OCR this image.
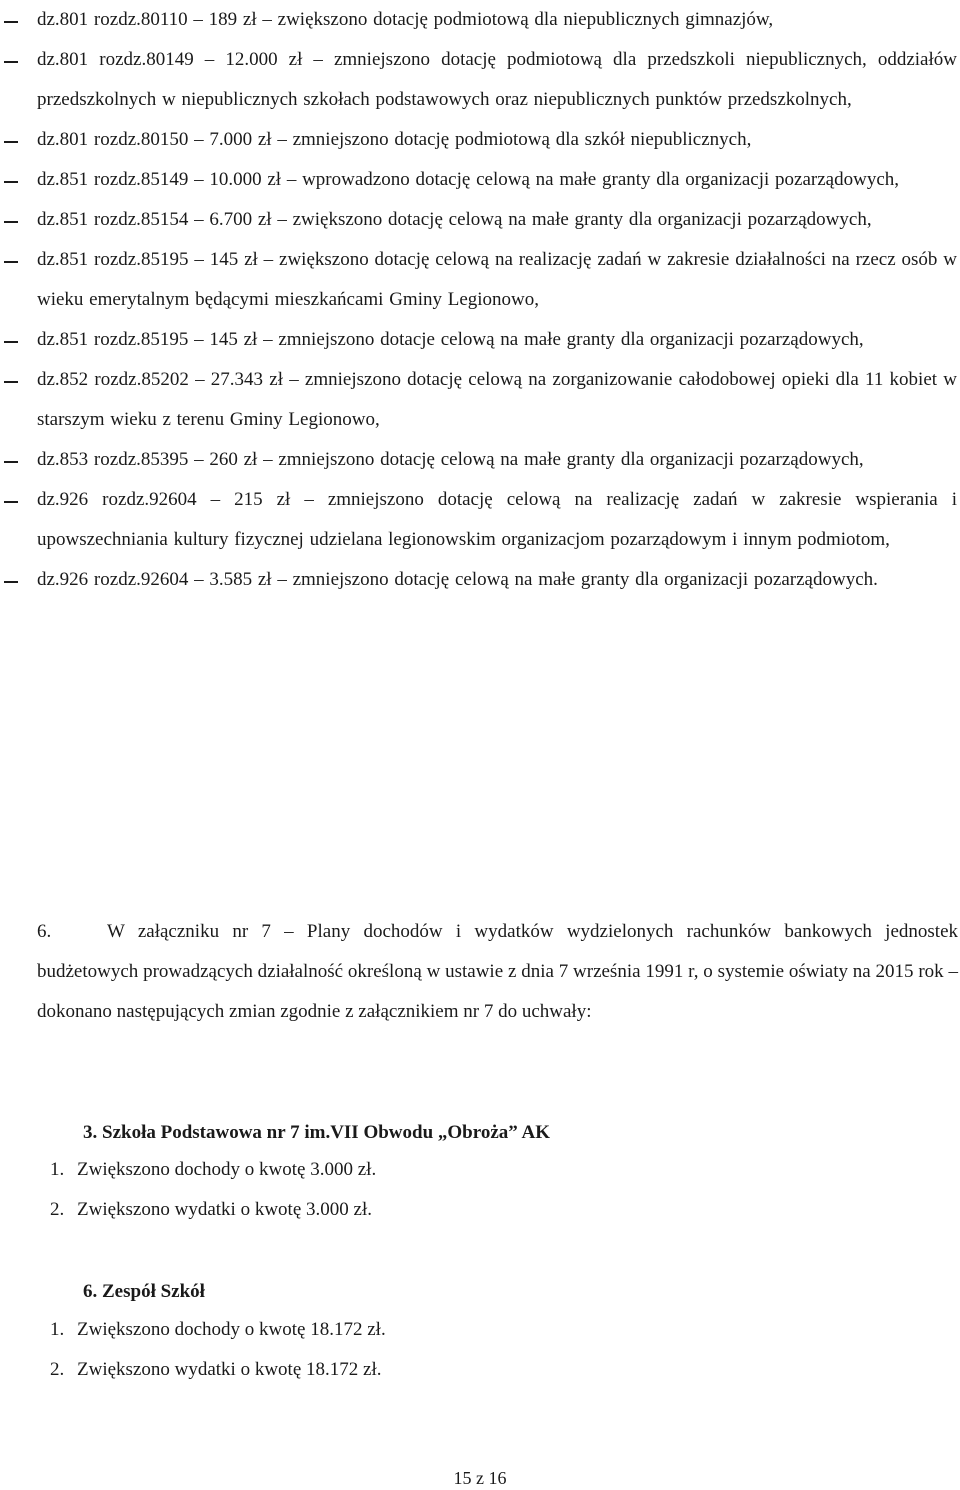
dz.801 rozdz.80110 – 189 zł – zwiększono dotację podmiotową dla niepublicznych gimnazjów,
dz.801 rozdz.80149 – 12.000 zł – zmniejszono dotację podmiotową dla przedszkoli niepublicznych, oddziałów przedszkolnych w niepublicznych szkołach podstawowych oraz niepublicznych punktów przedszkolnych,
dz.801 rozdz.80150 – 7.000 zł – zmniejszono dotację podmiotową dla szkół niepublicznych,
dz.851 rozdz.85149 – 10.000 zł – wprowadzono dotację celową na małe granty dla organizacji pozarządowych,
dz.851 rozdz.85154 – 6.700 zł – zwiększono dotację celową na małe granty dla organizacji pozarządowych,
dz.851 rozdz.85195 – 145 zł – zwiększono dotację celową na realizację zadań w zakresie działalności na rzecz osób w wieku emerytalnym będącymi mieszkańcami Gminy Legionowo,
dz.851 rozdz.85195 – 145 zł – zmniejszono dotacje celową na małe granty dla organizacji pozarządowych,
dz.852 rozdz.85202 – 27.343 zł – zmniejszono dotację celową na zorganizowanie całodobowej opieki dla 11 kobiet w starszym wieku z terenu Gminy Legionowo,
dz.853 rozdz.85395 – 260 zł – zmniejszono dotację celową na małe granty dla organizacji pozarządowych,
dz.926 rozdz.92604 – 215 zł – zmniejszono dotację celową na realizację zadań w zakresie wspierania i upowszechniania kultury fizycznej udzielana legionowskim organizacjom pozarządowym i innym podmiotom,
dz.926 rozdz.92604 – 3.585 zł – zmniejszono dotację celową na małe granty dla organizacji pozarządowych.

6.	W załączniku nr 7 – Plany dochodów i wydatków wydzielonych rachunków bankowych jednostek budżetowych prowadzących działalność określoną w ustawie z dnia 7 września 1991 r, o systemie oświaty na 2015 rok – dokonano następujących zmian zgodnie z załącznikiem nr 7 do uchwały:

3. Szkoła Podstawowa nr 7 im.VII Obwodu „Obroża” AK
1. Zwiększono dochody o kwotę 3.000 zł.
2. Zwiększono wydatki o kwotę 3.000 zł.
6. Zespół Szkół
1. Zwiększono dochody o kwotę 18.172 zł.
2. Zwiększono wydatki o kwotę 18.172 zł.
15 z 16
